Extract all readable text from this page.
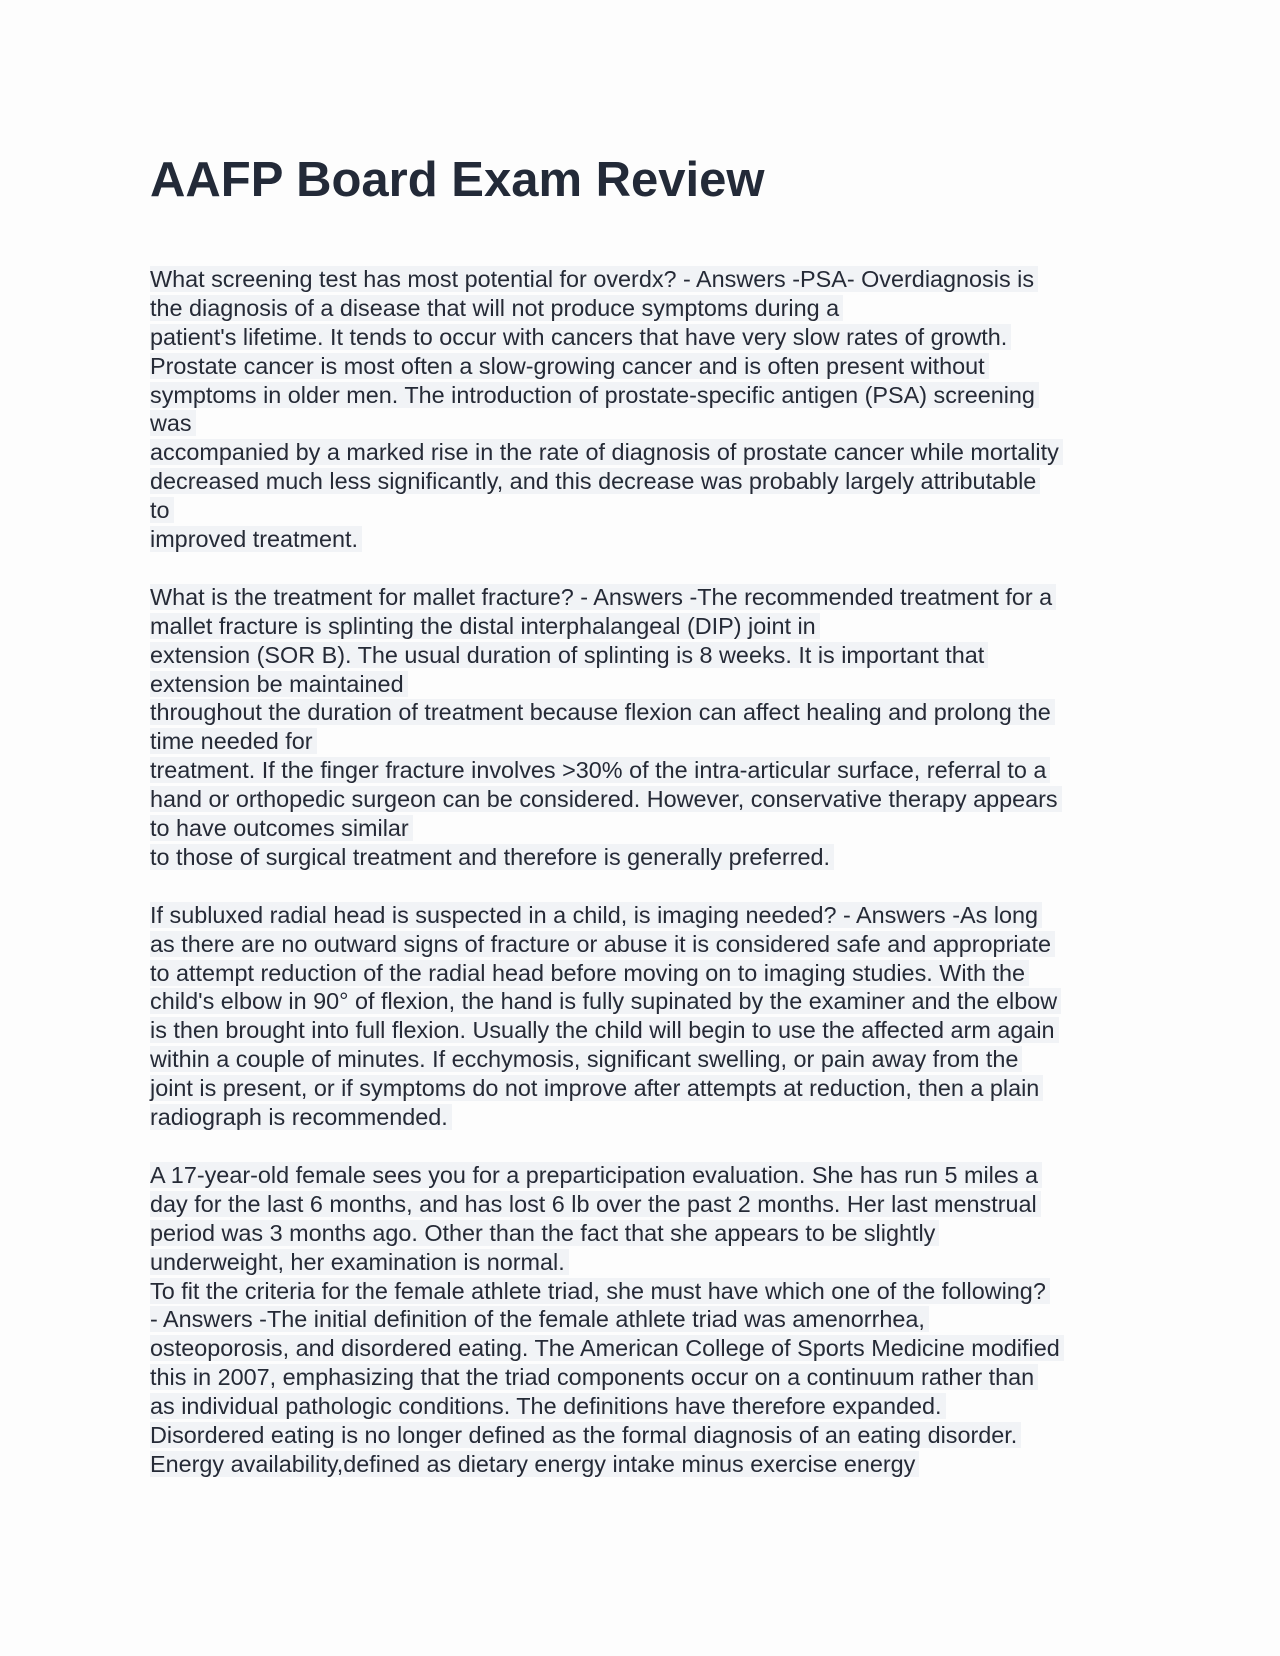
AAFP Board Exam Review
What screening test has most potential for overdx? - Answers -PSA- Overdiagnosis is
the diagnosis of a disease that will not produce symptoms during a
patient's lifetime. It tends to occur with cancers that have very slow rates of growth.
Prostate cancer is most often a slow-growing cancer and is often present without
symptoms in older men. The introduction of prostate-specific antigen (PSA) screening
was
accompanied by a marked rise in the rate of diagnosis of prostate cancer while mortality
decreased much less significantly, and this decrease was probably largely attributable
to
improved treatment.
What is the treatment for mallet fracture? - Answers -The recommended treatment for a
mallet fracture is splinting the distal interphalangeal (DIP) joint in
extension (SOR B). The usual duration of splinting is 8 weeks. It is important that
extension be maintained
throughout the duration of treatment because flexion can affect healing and prolong the
time needed for
treatment. If the finger fracture involves >30% of the intra-articular surface, referral to a
hand or orthopedic surgeon can be considered. However, conservative therapy appears
to have outcomes similar
to those of surgical treatment and therefore is generally preferred.
If subluxed radial head is suspected in a child, is imaging needed? - Answers -As long
as there are no outward signs of fracture or abuse it is considered safe and appropriate
to attempt reduction of the radial head before moving on to imaging studies. With the
child's elbow in 90° of flexion, the hand is fully supinated by the examiner and the elbow
is then brought into full flexion. Usually the child will begin to use the affected arm again
within a couple of minutes. If ecchymosis, significant swelling, or pain away from the
joint is present, or if symptoms do not improve after attempts at reduction, then a plain
radiograph is recommended.
A 17-year-old female sees you for a preparticipation evaluation. She has run 5 miles a
day for the last 6 months, and has lost 6 lb over the past 2 months. Her last menstrual
period was 3 months ago. Other than the fact that she appears to be slightly
underweight, her examination is normal.
To fit the criteria for the female athlete triad, she must have which one of the following?
- Answers -The initial definition of the female athlete triad was amenorrhea,
osteoporosis, and disordered eating. The American College of Sports Medicine modified
this in 2007, emphasizing that the triad components occur on a continuum rather than
as individual pathologic conditions. The definitions have therefore expanded.
Disordered eating is no longer defined as the formal diagnosis of an eating disorder.
Energy availability,defined as dietary energy intake minus exercise energy
